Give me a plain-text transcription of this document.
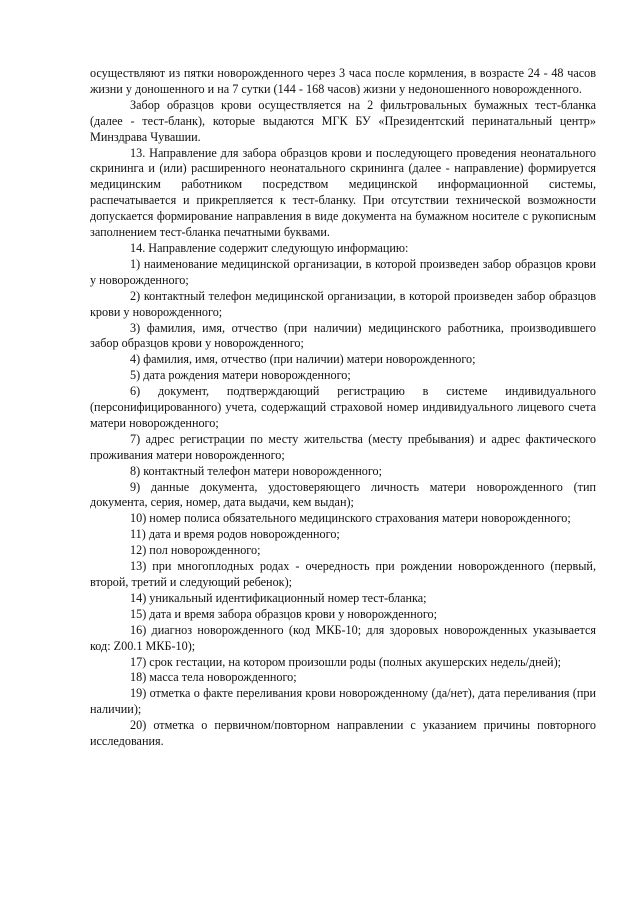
осуществляют из пятки новорожденного через 3 часа после кормления, в возрасте 24 - 48 часов жизни у доношенного и на 7 сутки (144 - 168 часов) жизни у недоношенного новорожденного.

Забор образцов крови осуществляется на 2 фильтровальных бумажных тест-бланка (далее - тест-бланк), которые выдаются МГК БУ «Президентский перинатальный центр» Минздрава Чувашии.

13. Направление для забора образцов крови и последующего проведения неонатального скрининга и (или) расширенного неонатального скрининга (далее - направление) формируется медицинским работником посредством медицинской информационной системы, распечатывается и прикрепляется к тест-бланку. При отсутствии технической возможности допускается формирование направления в виде документа на бумажном носителе с рукописным заполнением тест-бланка печатными буквами.

14. Направление содержит следующую информацию:

1) наименование медицинской организации, в которой произведен забор образцов крови у новорожденного;

2) контактный телефон медицинской организации, в которой произведен забор образцов крови у новорожденного;

3) фамилия, имя, отчество (при наличии) медицинского работника, производившего забор образцов крови у новорожденного;

4) фамилия, имя, отчество (при наличии) матери новорожденного;

5) дата рождения матери новорожденного;

6) документ, подтверждающий регистрацию в системе индивидуального (персонифицированного) учета, содержащий страховой номер индивидуального лицевого счета матери новорожденного;

7) адрес регистрации по месту жительства (месту пребывания) и адрес фактического проживания матери новорожденного;

8) контактный телефон матери новорожденного;

9) данные документа, удостоверяющего личность матери новорожденного (тип документа, серия, номер, дата выдачи, кем выдан);

10) номер полиса обязательного медицинского страхования матери новорожденного;

11) дата и время родов новорожденного;

12) пол новорожденного;

13) при многоплодных родах - очередность при рождении новорожденного (первый, второй, третий и следующий ребенок);

14) уникальный идентификационный номер тест-бланка;

15) дата и время забора образцов крови у новорожденного;

16) диагноз новорожденного (код МКБ-10; для здоровых новорожденных указывается код: Z00.1 МКБ-10);

17) срок гестации, на котором произошли роды (полных акушерских недель/дней);

18) масса тела новорожденного;

19) отметка о факте переливания крови новорожденному (да/нет), дата переливания (при наличии);

20) отметка о первичном/повторном направлении с указанием причины повторного исследования.
